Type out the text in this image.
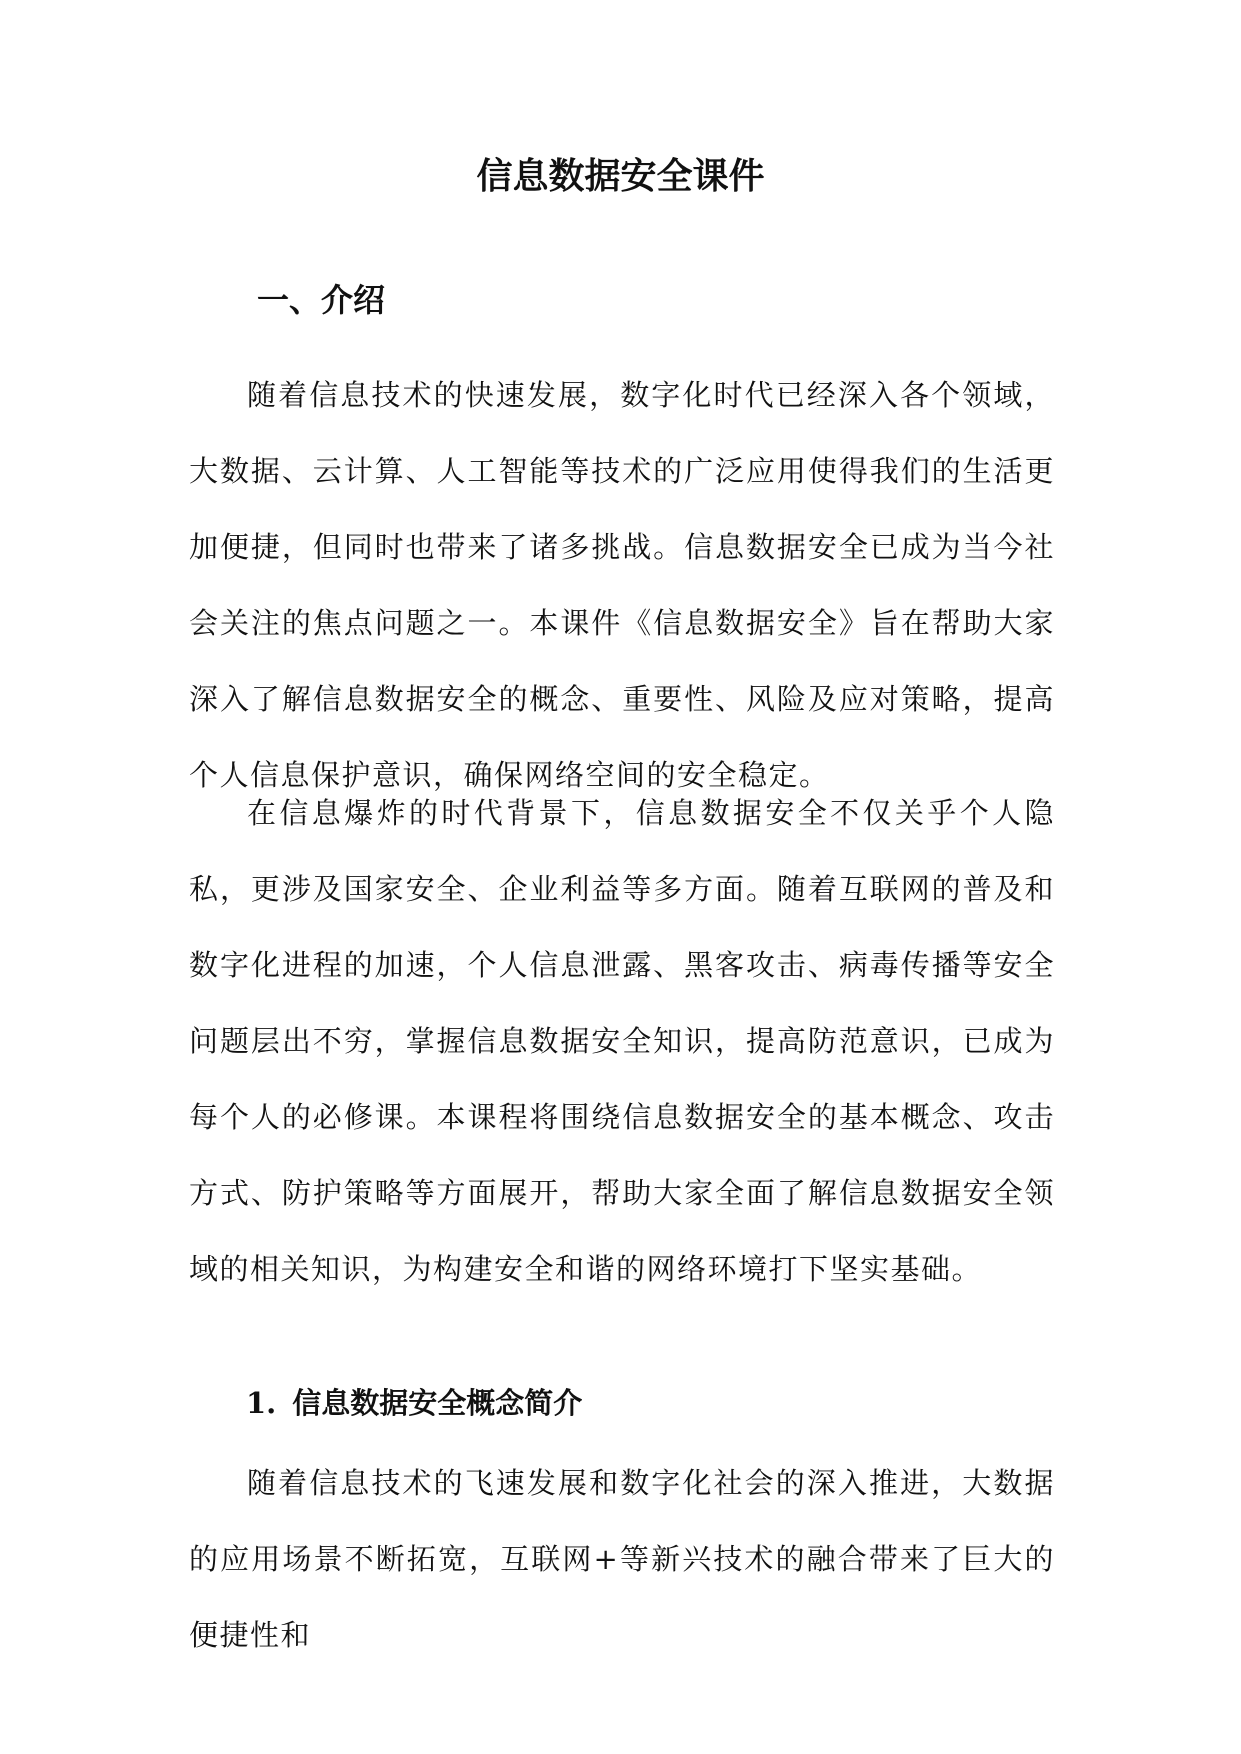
信息数据安全课件
一、介绍

随着信息技术的快速发展，数字化时代已经深入各个领域，大数据、云计算、人工智能等技术的广泛应用使得我们的生活更加便捷，但同时也带来了诸多挑战。信息数据安全已成为当今社会关注的焦点问题之一。本课件《信息数据安全》旨在帮助大家深入了解信息数据安全的概念、重要性、风险及应对策略，提高个人信息保护意识，确保网络空间的安全稳定。

在信息爆炸的时代背景下，信息数据安全不仅关乎个人隐私，更涉及国家安全、企业利益等多方面。随着互联网的普及和数字化进程的加速，个人信息泄露、黑客攻击、病毒传播等安全问题层出不穷，掌握信息数据安全知识，提高防范意识，已成为每个人的必修课。本课程将围绕信息数据安全的基本概念、攻击方式、防护策略等方面展开，帮助大家全面了解信息数据安全领域的相关知识，为构建安全和谐的网络环境打下坚实基础。

1. 信息数据安全概念简介

随着信息技术的飞速发展和数字化社会的深入推进，大数据的应用场景不断拓宽，互联网+等新兴技术的融合带来了巨大的便捷性和
